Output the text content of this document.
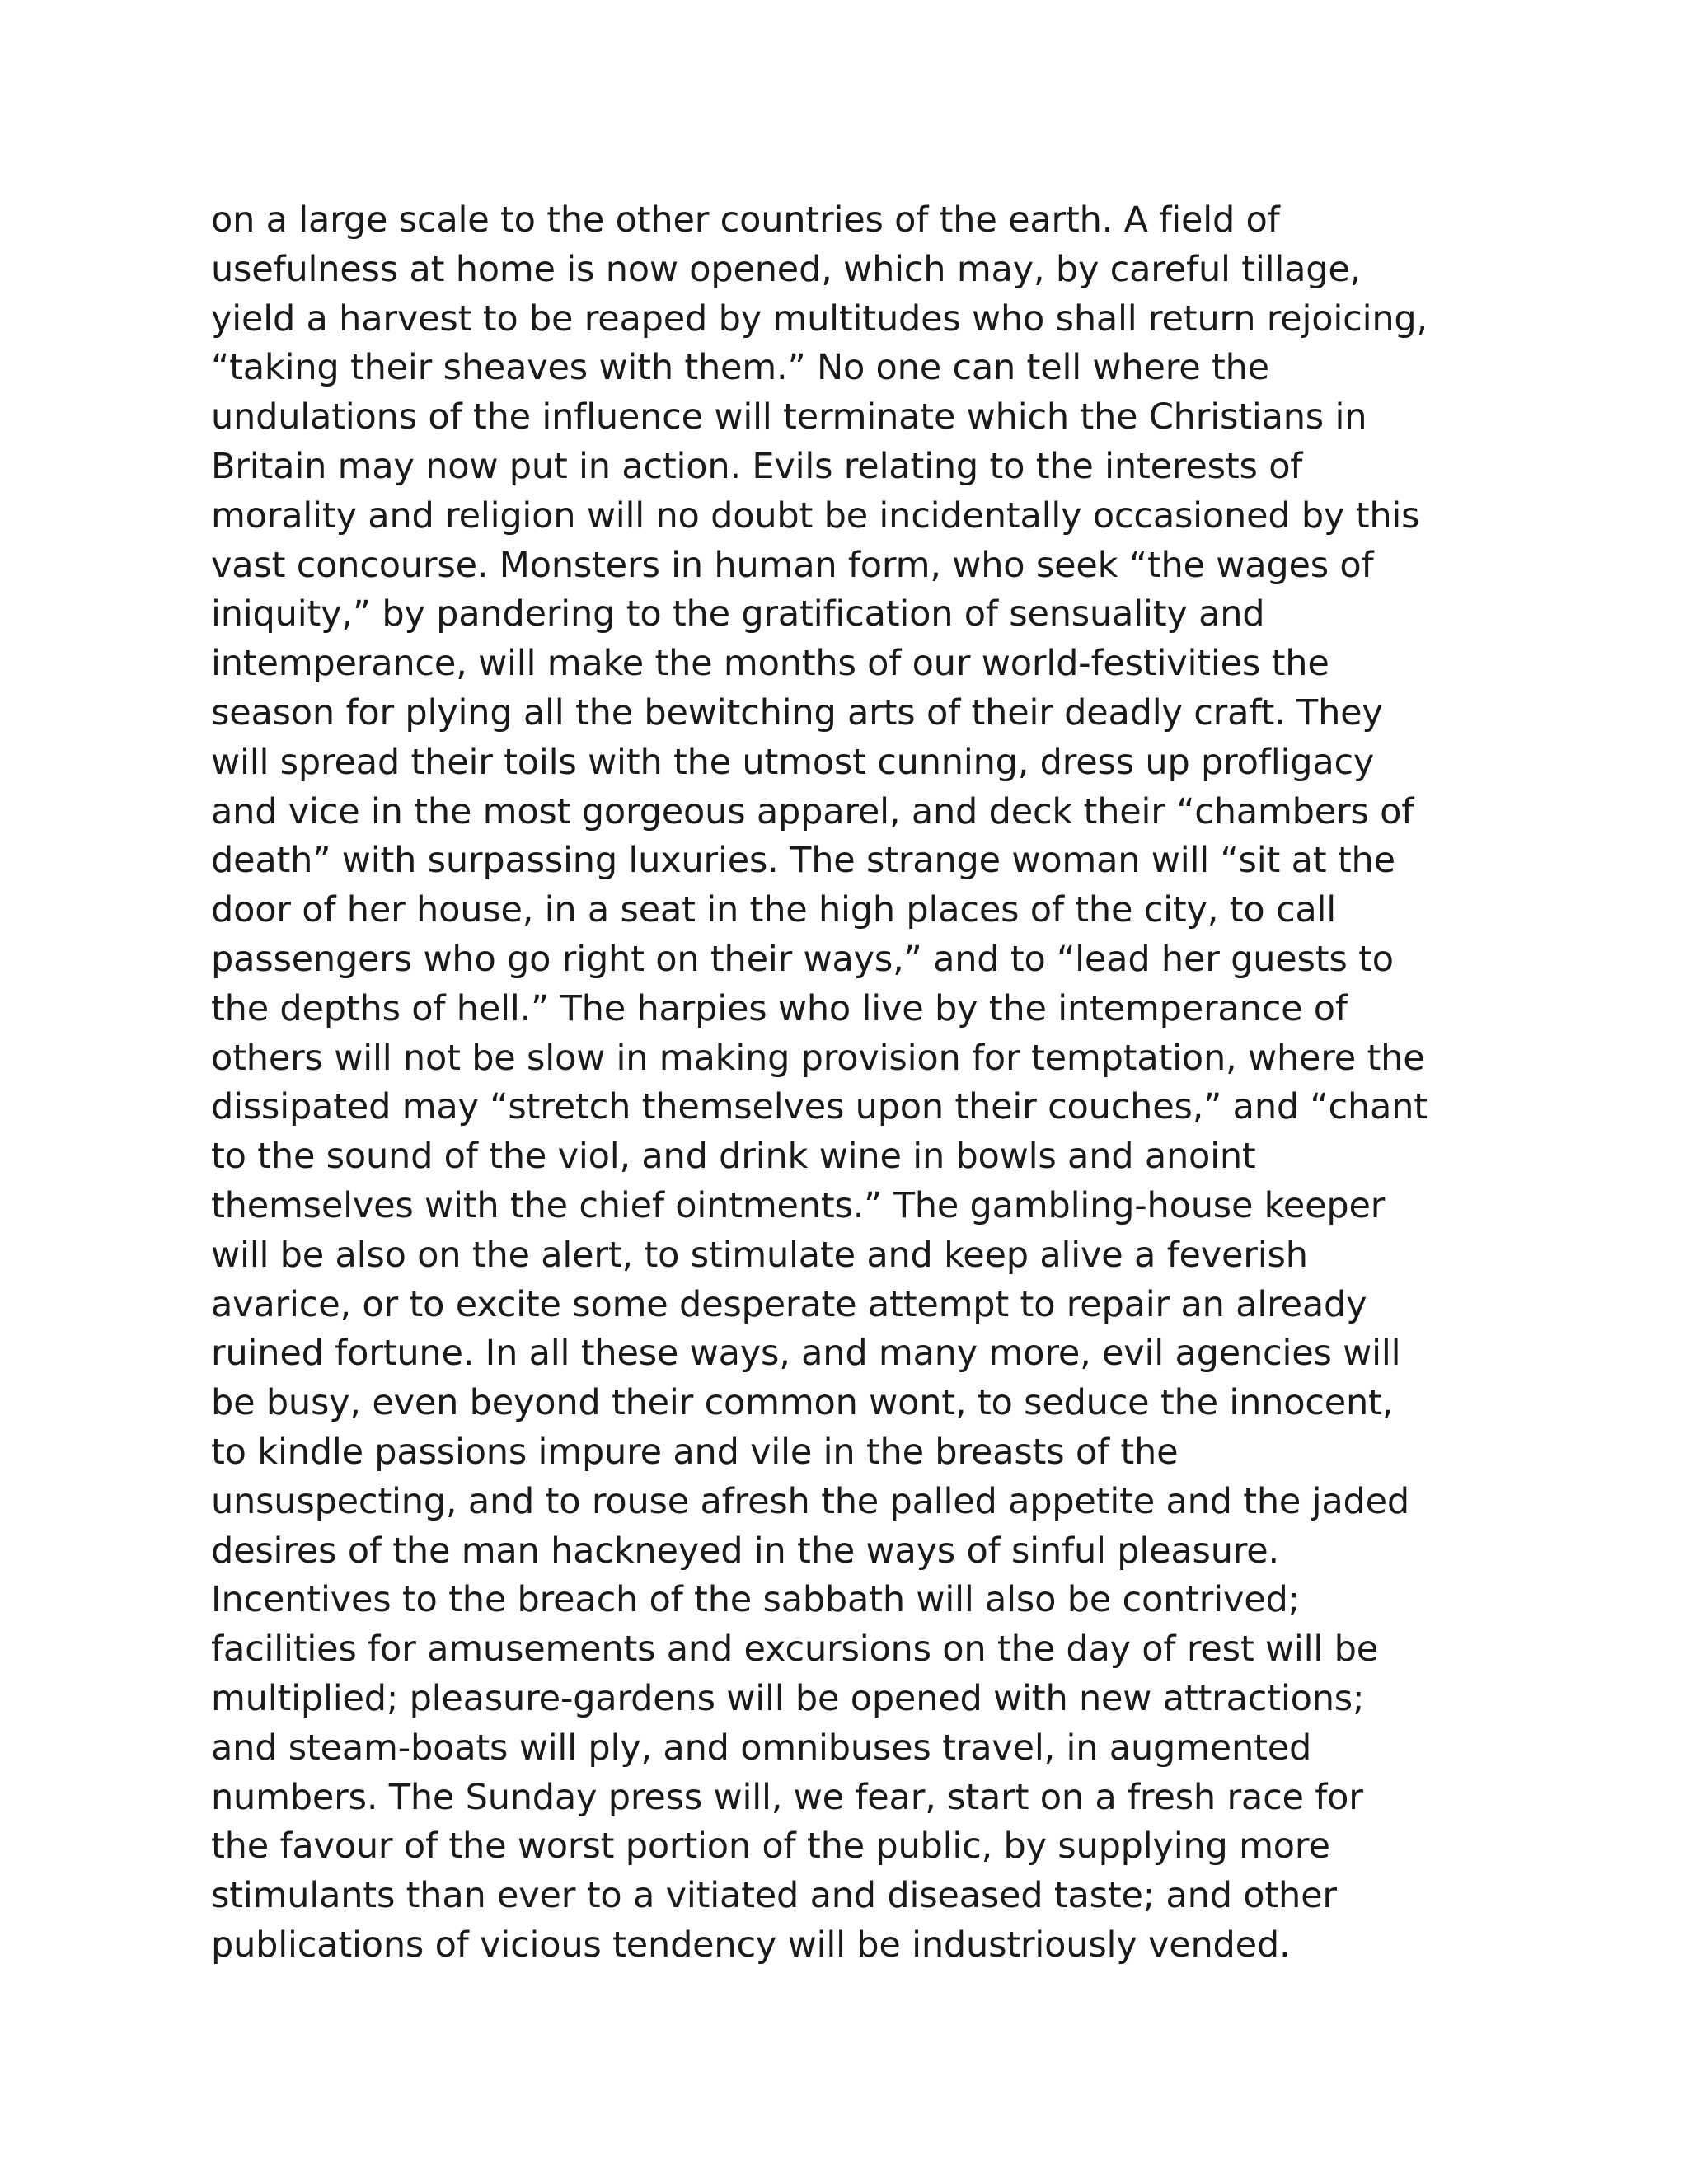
on a large scale to the other countries of the earth. A field of
usefulness at home is now opened, which may, by careful tillage,
yield a harvest to be reaped by multitudes who shall return rejoicing,
“taking their sheaves with them.” No one can tell where the
undulations of the influence will terminate which the Christians in
Britain may now put in action. Evils relating to the interests of
morality and religion will no doubt be incidentally occasioned by this
vast concourse. Monsters in human form, who seek “the wages of
iniquity,” by pandering to the gratification of sensuality and
intemperance, will make the months of our world-festivities the
season for plying all the bewitching arts of their deadly craft. They
will spread their toils with the utmost cunning, dress up profligacy
and vice in the most gorgeous apparel, and deck their “chambers of
death” with surpassing luxuries. The strange woman will “sit at the
door of her house, in a seat in the high places of the city, to call
passengers who go right on their ways,” and to “lead her guests to
the depths of hell.” The harpies who live by the intemperance of
others will not be slow in making provision for temptation, where the
dissipated may “stretch themselves upon their couches,” and “chant
to the sound of the viol, and drink wine in bowls and anoint
themselves with the chief ointments.” The gambling-house keeper
will be also on the alert, to stimulate and keep alive a feverish
avarice, or to excite some desperate attempt to repair an already
ruined fortune. In all these ways, and many more, evil agencies will
be busy, even beyond their common wont, to seduce the innocent,
to kindle passions impure and vile in the breasts of the
unsuspecting, and to rouse afresh the palled appetite and the jaded
desires of the man hackneyed in the ways of sinful pleasure.
Incentives to the breach of the sabbath will also be contrived;
facilities for amusements and excursions on the day of rest will be
multiplied; pleasure-gardens will be opened with new attractions;
and steam-boats will ply, and omnibuses travel, in augmented
numbers. The Sunday press will, we fear, start on a fresh race for
the favour of the worst portion of the public, by supplying more
stimulants than ever to a vitiated and diseased taste; and other
publications of vicious tendency will be industriously vended.
